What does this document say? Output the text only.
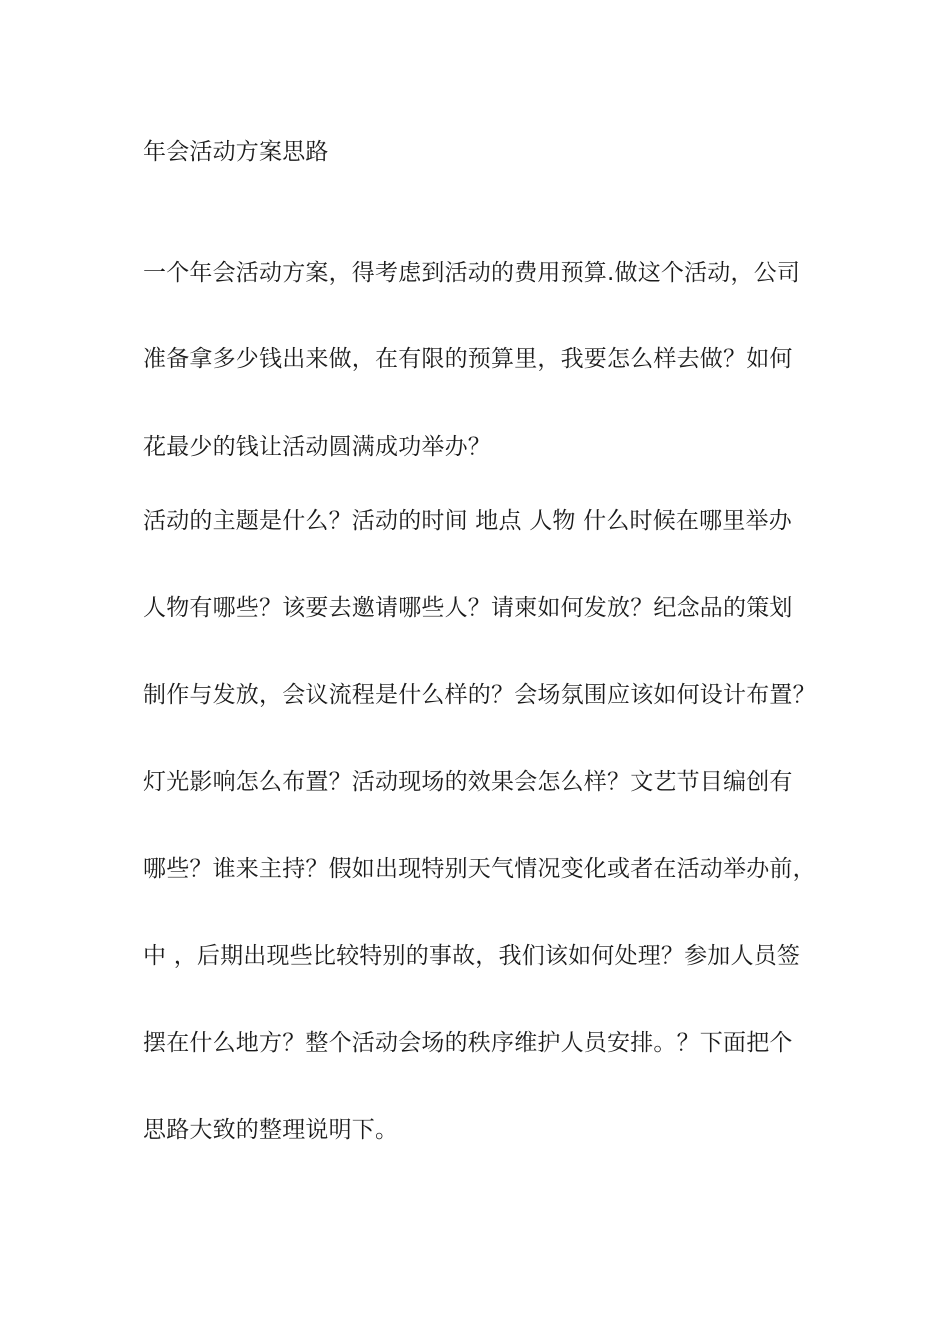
年会活动方案思路
一个年会活动方案，得考虑到活动的费用预算.做这个活动，公司
准备拿多少钱出来做，在有限的预算里，我要怎么样去做？如何
花最少的钱让活动圆满成功举办？
活动的主题是什么？活动的时间 地点 人物 什么时候在哪里举办
人物有哪些？该要去邀请哪些人？请柬如何发放？纪念品的策划
制作与发放，会议流程是什么样的？会场氛围应该如何设计布置？
灯光影响怎么布置？活动现场的效果会怎么样？文艺节目编创有
哪些？谁来主持？假如出现特别天气情况变化或者在活动举办前，
中 ，后期出现些比较特别的事故，我们该如何处理？参加人员签
摆在什么地方？整个活动会场的秩序维护人员安排。？下面把个
思路大致的整理说明下。
